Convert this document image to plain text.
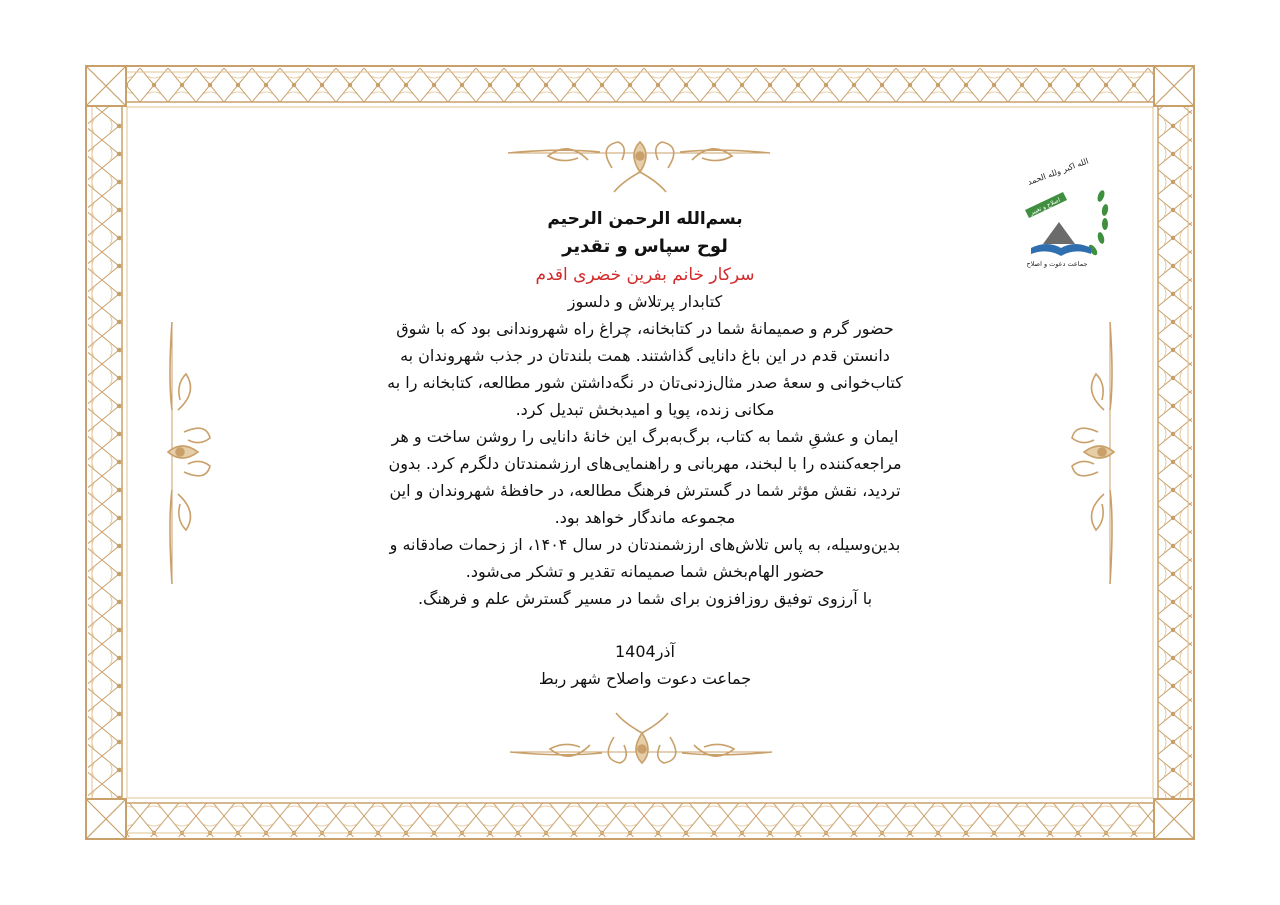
الله اکبر ولله الحمد
اصلاح و تغییر
جماعت دعوت و اصلاح
بسم‌الله الرحمن الرحیم
لوح سپاس و تقدیر
سرکار خانم بفرین خضری اقدم
کتابدار پرتلاش و دلسوز
حضور گرم و صمیمانهٔ شما در کتابخانه، چراغ راه شهروندانی بود که با شوق
دانستن قدم در این باغ دانایی گذاشتند. همت بلندتان در جذب شهروندان به
کتاب‌خوانی و سعهٔ صدر مثال‌زدنی‌تان در نگه‌داشتن شور مطالعه، کتابخانه را به
مکانی زنده، پویا و امیدبخش تبدیل کرد.
ایمان و عشقِ شما به کتاب، برگ‌به‌برگ این خانهٔ دانایی را روشن ساخت و هر
مراجعه‌کننده را با لبخند، مهربانی و راهنمایی‌های ارزشمندتان دلگرم کرد. بدون
تردید، نقش مؤثر شما در گسترش فرهنگ مطالعه، در حافظهٔ شهروندان و این
مجموعه ماندگار خواهد بود.
بدین‌وسیله، به پاس تلاش‌های ارزشمندتان در سال ۱۴۰۴، از زحمات صادقانه و
حضور الهام‌بخش شما صمیمانه تقدیر و تشکر می‌شود.
با آرزوی توفیق روزافزون برای شما در مسیر گسترش علم و فرهنگ.
آذر1404
جماعت دعوت واصلاح شهر ربط
